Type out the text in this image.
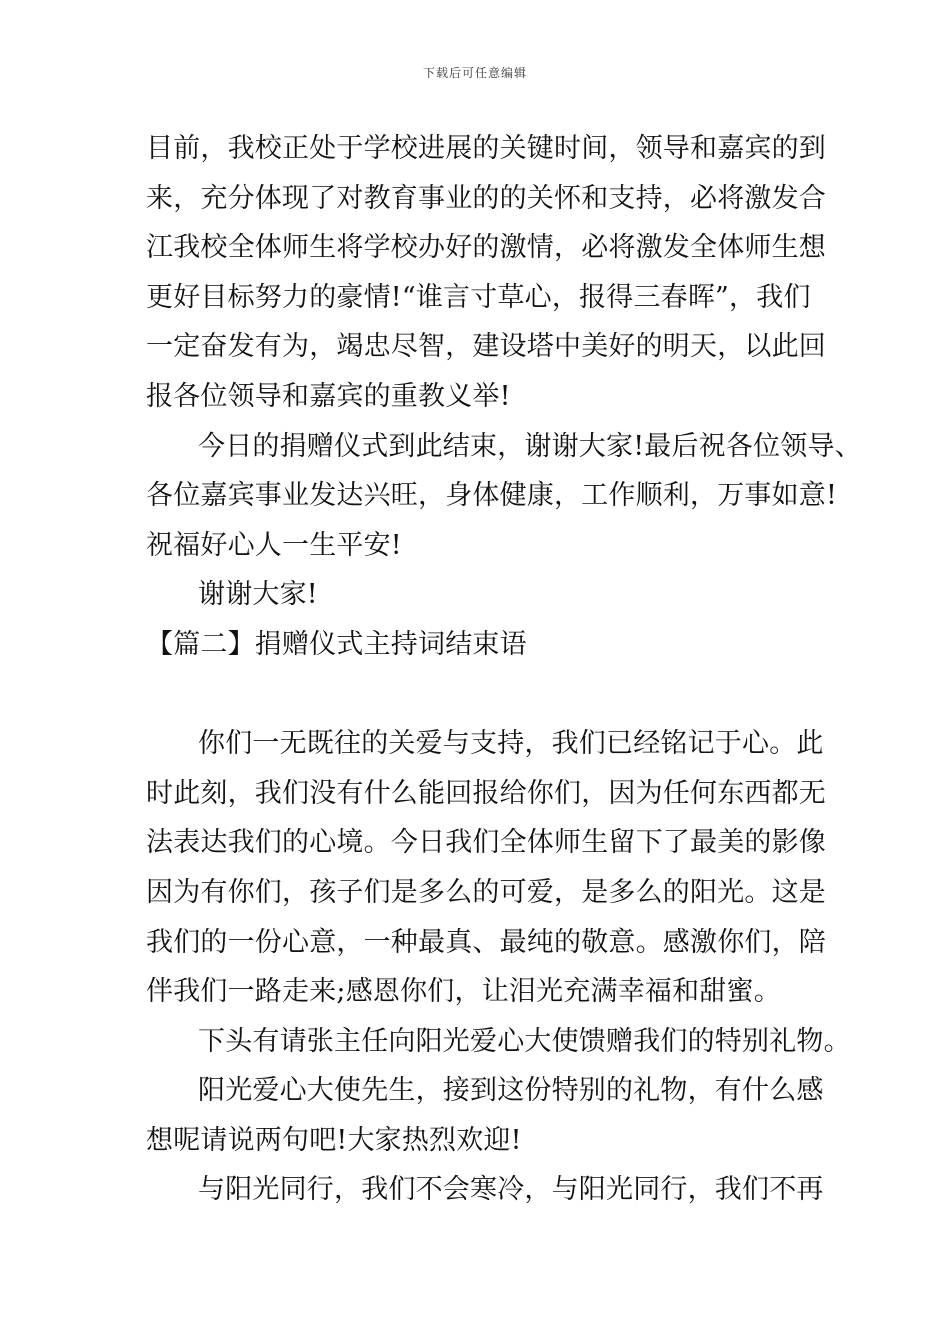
下载后可任意编辑
目前，我校正处于学校进展的关键时间，领导和嘉宾的到
来，充分体现了对教育事业的的关怀和支持，必将激发合
江我校全体师生将学校办好的激情，必将激发全体师生想
更好目标努力的豪情!“谁言寸草心，报得三春晖”，我们
一定奋发有为，竭忠尽智，建设塔中美好的明天，以此回
报各位领导和嘉宾的重教义举!
今日的捐赠仪式到此结束，谢谢大家!最后祝各位领导、
各位嘉宾事业发达兴旺，身体健康，工作顺利，万事如意!
祝福好心人一生平安!
谢谢大家!
【篇二】捐赠仪式主持词结束语
你们一无既往的关爱与支持，我们已经铭记于心。此
时此刻，我们没有什么能回报给你们，因为任何东西都无
法表达我们的心境。今日我们全体师生留下了最美的影像
因为有你们，孩子们是多么的可爱，是多么的阳光。这是
我们的一份心意，一种最真、最纯的敬意。感激你们，陪
伴我们一路走来;感恩你们，让泪光充满幸福和甜蜜。
下头有请张主任向阳光爱心大使馈赠我们的特别礼物。
阳光爱心大使先生，接到这份特别的礼物，有什么感
想呢请说两句吧!大家热烈欢迎!
与阳光同行，我们不会寒冷，与阳光同行，我们不再
